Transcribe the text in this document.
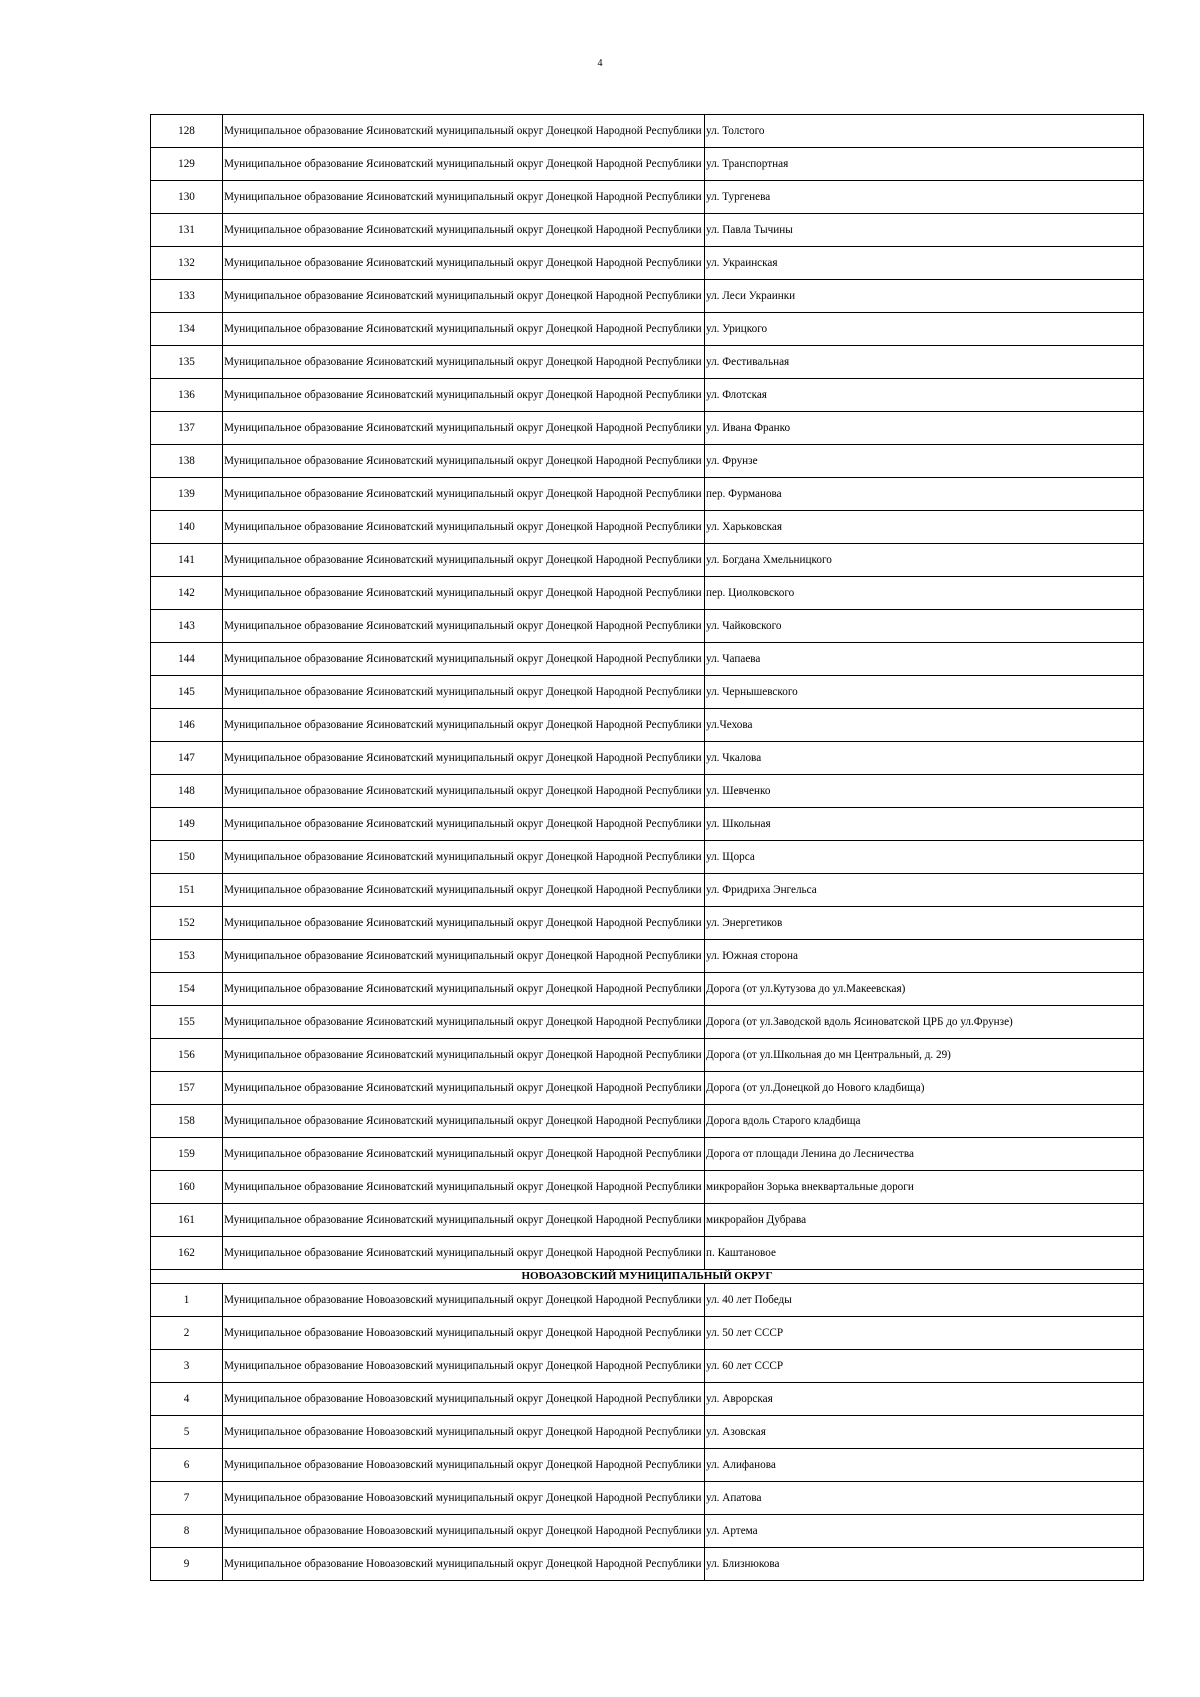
4
128	Муниципальное образование Ясиноватский муниципальный округ Донецкой Народной Республики	ул. Толстого
129	Муниципальное образование Ясиноватский муниципальный округ Донецкой Народной Республики	ул. Транспортная
130	Муниципальное образование Ясиноватский муниципальный округ Донецкой Народной Республики	ул. Тургенева
131	Муниципальное образование Ясиноватский муниципальный округ Донецкой Народной Республики	ул. Павла Тычины
132	Муниципальное образование Ясиноватский муниципальный округ Донецкой Народной Республики	ул. Украинская
133	Муниципальное образование Ясиноватский муниципальный округ Донецкой Народной Республики	ул. Леси Украинки
134	Муниципальное образование Ясиноватский муниципальный округ Донецкой Народной Республики	ул. Урицкого
135	Муниципальное образование Ясиноватский муниципальный округ Донецкой Народной Республики	ул. Фестивальная
136	Муниципальное образование Ясиноватский муниципальный округ Донецкой Народной Республики	ул. Флотская
137	Муниципальное образование Ясиноватский муниципальный округ Донецкой Народной Республики	ул. Ивана Франко
138	Муниципальное образование Ясиноватский муниципальный округ Донецкой Народной Республики	ул. Фрунзе
139	Муниципальное образование Ясиноватский муниципальный округ Донецкой Народной Республики	пер. Фурманова
140	Муниципальное образование Ясиноватский муниципальный округ Донецкой Народной Республики	ул. Харьковская
141	Муниципальное образование Ясиноватский муниципальный округ Донецкой Народной Республики	ул. Богдана Хмельницкого
142	Муниципальное образование Ясиноватский муниципальный округ Донецкой Народной Республики	пер. Циолковского
143	Муниципальное образование Ясиноватский муниципальный округ Донецкой Народной Республики	ул. Чайковского
144	Муниципальное образование Ясиноватский муниципальный округ Донецкой Народной Республики	ул. Чапаева
145	Муниципальное образование Ясиноватский муниципальный округ Донецкой Народной Республики	ул. Чернышевского
146	Муниципальное образование Ясиноватский муниципальный округ Донецкой Народной Республики	ул.Чехова
147	Муниципальное образование Ясиноватский муниципальный округ Донецкой Народной Республики	ул. Чкалова
148	Муниципальное образование Ясиноватский муниципальный округ Донецкой Народной Республики	ул. Шевченко
149	Муниципальное образование Ясиноватский муниципальный округ Донецкой Народной Республики	ул. Школьная
150	Муниципальное образование Ясиноватский муниципальный округ Донецкой Народной Республики	ул. Щорса
151	Муниципальное образование Ясиноватский муниципальный округ Донецкой Народной Республики	ул. Фридриха Энгельса
152	Муниципальное образование Ясиноватский муниципальный округ Донецкой Народной Республики	ул. Энергетиков
153	Муниципальное образование Ясиноватский муниципальный округ Донецкой Народной Республики	ул. Южная сторона
154	Муниципальное образование Ясиноватский муниципальный округ Донецкой Народной Республики	Дорога (от ул.Кутузова до ул.Макеевская)
155	Муниципальное образование Ясиноватский муниципальный округ Донецкой Народной Республики	Дорога (от ул.Заводской вдоль Ясиноватской ЦРБ до ул.Фрунзе)
156	Муниципальное образование Ясиноватский муниципальный округ Донецкой Народной Республики	Дорога (от ул.Школьная до мн Центральный, д. 29)
157	Муниципальное образование Ясиноватский муниципальный округ Донецкой Народной Республики	Дорога (от ул.Донецкой до Нового кладбища)
158	Муниципальное образование Ясиноватский муниципальный округ Донецкой Народной Республики	Дорога вдоль Старого кладбища
159	Муниципальное образование Ясиноватский муниципальный округ Донецкой Народной Республики	Дорога от площади Ленина до Лесничества
160	Муниципальное образование Ясиноватский муниципальный округ Донецкой Народной Республики	микрорайон Зорька внеквартальные дороги
161	Муниципальное образование Ясиноватский муниципальный округ Донецкой Народной Республики	микрорайон Дубрава
162	Муниципальное образование Ясиноватский муниципальный округ Донецкой Народной Республики	п. Каштановое
НОВОАЗОВСКИЙ МУНИЦИПАЛЬНЫЙ ОКРУГ		
1	Муниципальное образование Новоазовский муниципальный округ Донецкой Народной Республики	ул. 40 лет Победы
2	Муниципальное образование Новоазовский муниципальный округ Донецкой Народной Республики	ул. 50 лет СССР
3	Муниципальное образование Новоазовский муниципальный округ Донецкой Народной Республики	ул. 60 лет СССР
4	Муниципальное образование Новоазовский муниципальный округ Донецкой Народной Республики	ул. Аврорская
5	Муниципальное образование Новоазовский муниципальный округ Донецкой Народной Республики	ул. Азовская
6	Муниципальное образование Новоазовский муниципальный округ Донецкой Народной Республики	ул. Алифанова
7	Муниципальное образование Новоазовский муниципальный округ Донецкой Народной Республики	ул. Апатова
8	Муниципальное образование Новоазовский муниципальный округ Донецкой Народной Республики	ул. Артема
9	Муниципальное образование Новоазовский муниципальный округ Донецкой Народной Республики	ул. Близнюкова
